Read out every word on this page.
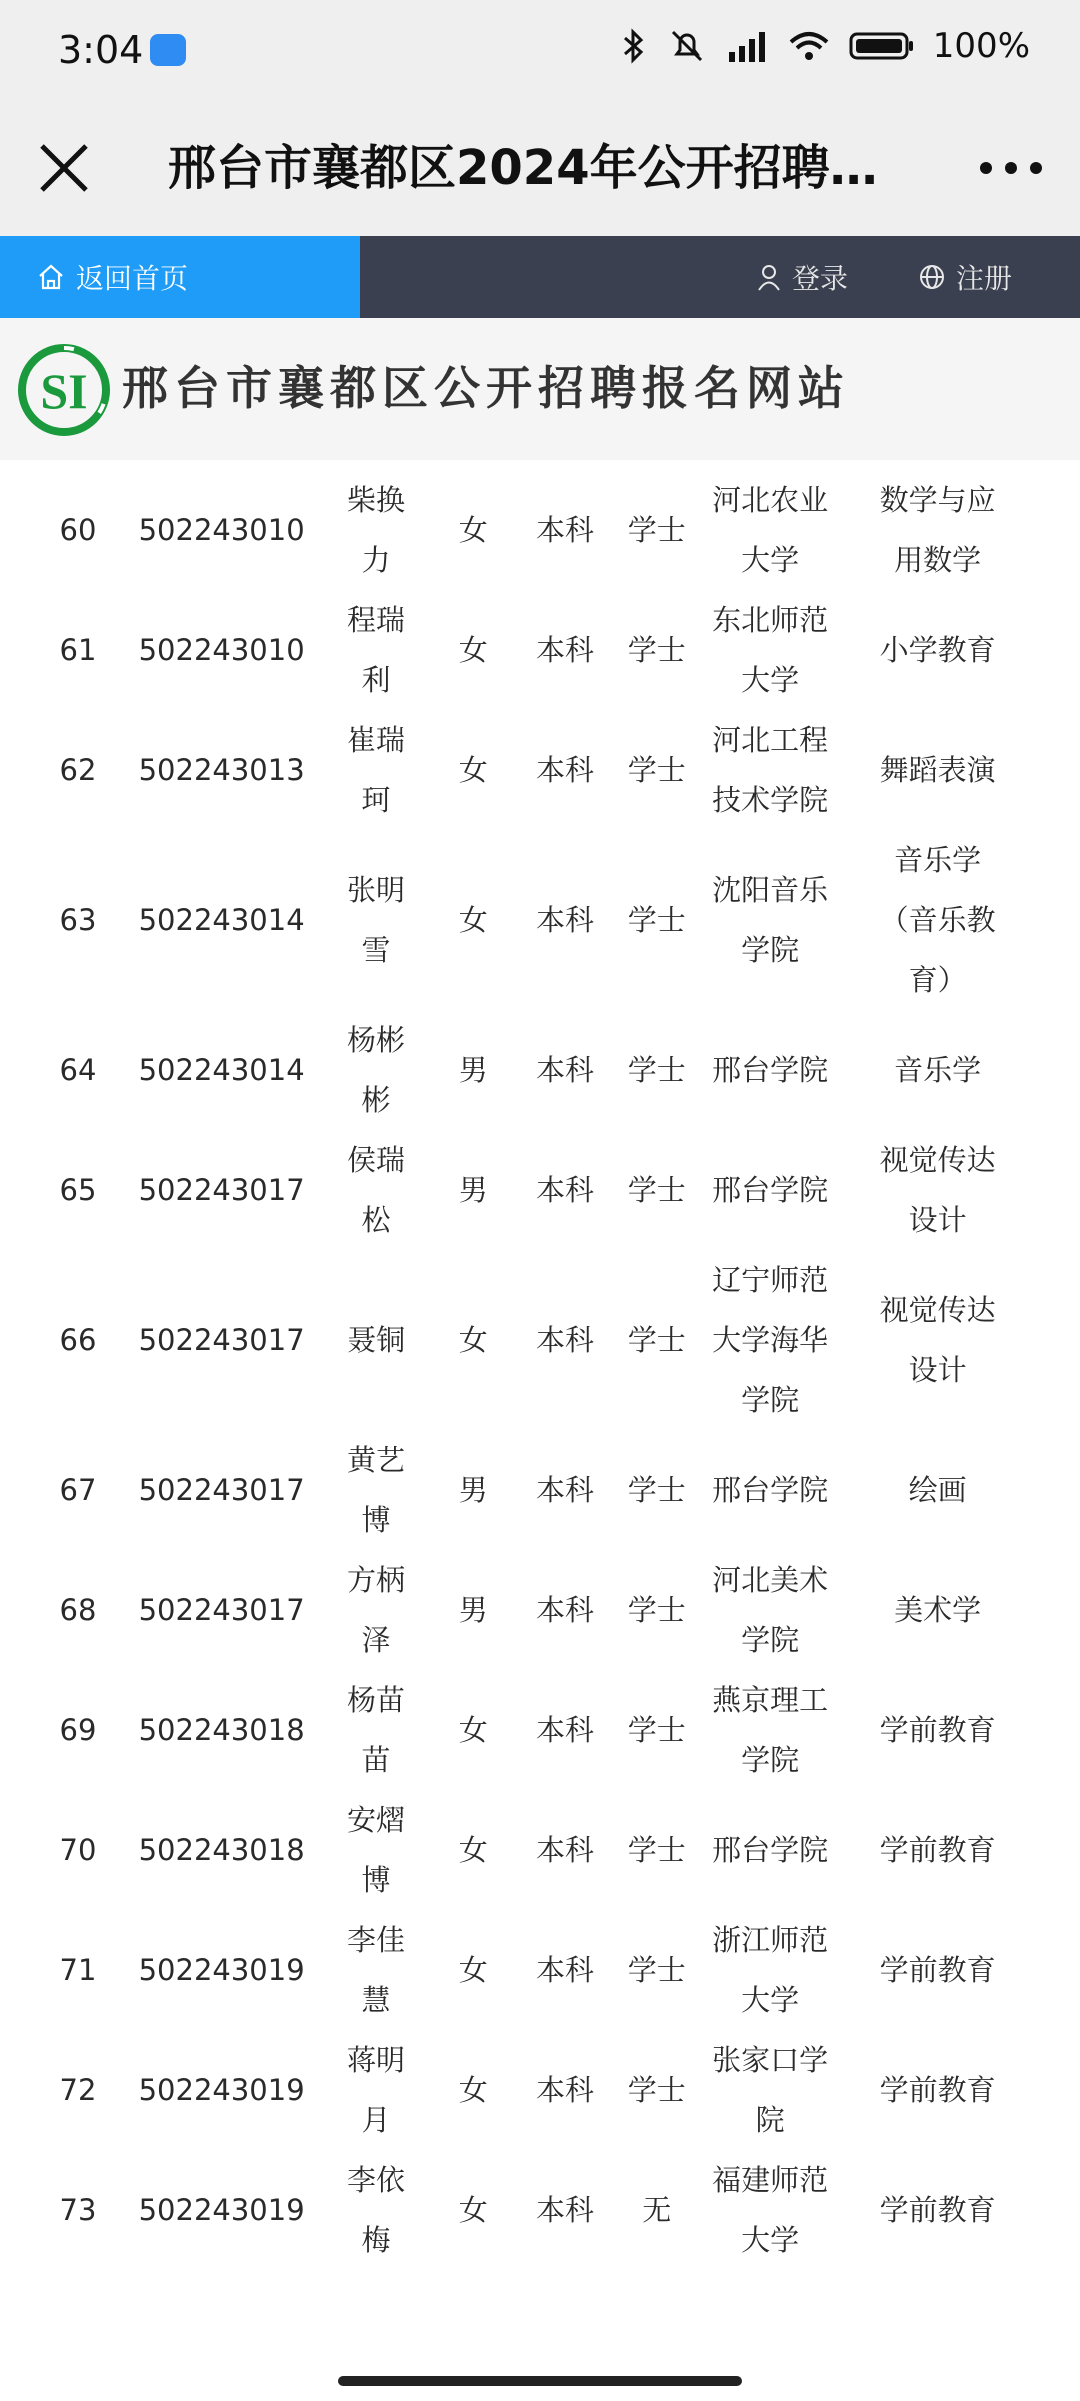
3:04	100%
邢台市襄都区2024年公开招聘…
返回首页	登录	注册
SI 邢台市襄都区公开招聘报名网站
60	502243010	柴换力	女	本科	学士	河北农业大学	数学与应用数学
61	502243010	程瑞利	女	本科	学士	东北师范大学	小学教育
62	502243013	崔瑞珂	女	本科	学士	河北工程技术学院	舞蹈表演
63	502243014	张明雪	女	本科	学士	沈阳音乐学院	音乐学（音乐教育）
64	502243014	杨彬彬	男	本科	学士	邢台学院	音乐学
65	502243017	侯瑞松	男	本科	学士	邢台学院	视觉传达设计
66	502243017	聂铜	女	本科	学士	辽宁师范大学海华学院	视觉传达设计
67	502243017	黄艺博	男	本科	学士	邢台学院	绘画
68	502243017	方柄泽	男	本科	学士	河北美术学院	美术学
69	502243018	杨苗苗	女	本科	学士	燕京理工学院	学前教育
70	502243018	安熠博	女	本科	学士	邢台学院	学前教育
71	502243019	李佳慧	女	本科	学士	浙江师范大学	学前教育
72	502243019	蒋明月	女	本科	学士	张家口学院	学前教育
73	502243019	李依梅	女	本科	无	福建师范大学	学前教育
